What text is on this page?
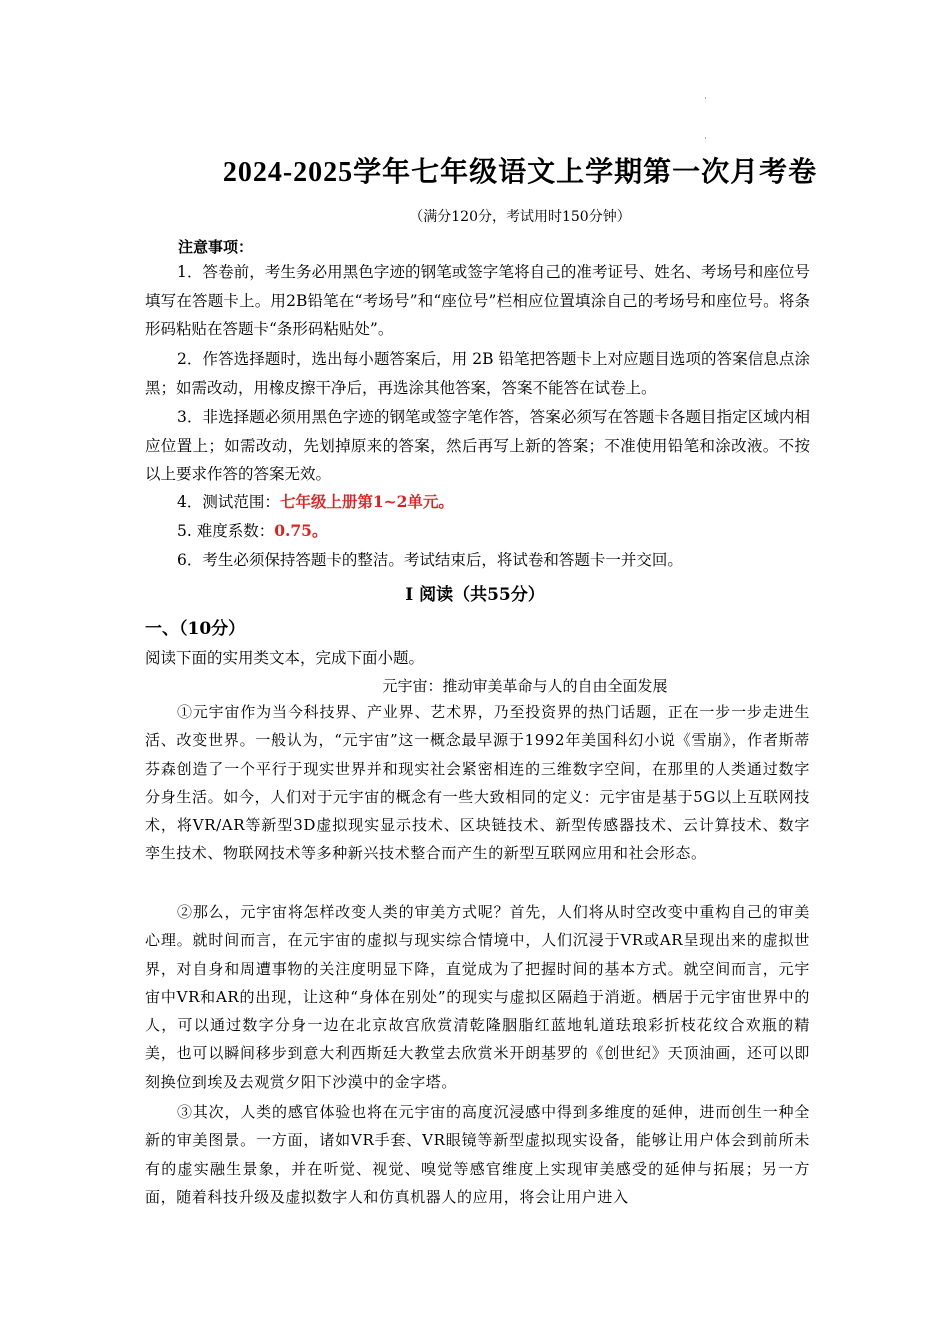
·
·
2024-2025学年七年级语文上学期第一次月考卷
（满分120分，考试用时150分钟）
注意事项：
1．答卷前，考生务必用黑色字迹的钢笔或签字笔将自己的准考证号、姓名、考场号和座位号填写在答题卡上。用2B铅笔在“考场号”和“座位号”栏相应位置填涂自己的考场号和座位号。将条形码粘贴在答题卡“条形码粘贴处”。
2．作答选择题时，选出每小题答案后，用 2B 铅笔把答题卡上对应题目选项的答案信息点涂黑；如需改动，用橡皮擦干净后，再选涂其他答案，答案不能答在试卷上。
3．非选择题必须用黑色字迹的钢笔或签字笔作答，答案必须写在答题卡各题目指定区域内相应位置上；如需改动，先划掉原来的答案，然后再写上新的答案；不准使用铅笔和涂改液。不按以上要求作答的答案无效。
4．测试范围：七年级上册第1~2单元。
5. 难度系数：0.75。
6．考生必须保持答题卡的整洁。考试结束后，将试卷和答题卡一并交回。
Ⅰ 阅读（共55分）
一、（10分）
阅读下面的实用类文本，完成下面小题。
元宇宙：推动审美革命与人的自由全面发展
①元宇宙作为当今科技界、产业界、艺术界，乃至投资界的热门话题，正在一步一步走进生活、改变世界。一般认为，“元宇宙”这一概念最早源于1992年美国科幻小说《雪崩》，作者斯蒂芬森创造了一个平行于现实世界并和现实社会紧密相连的三维数字空间，在那里的人类通过数字分身生活。如今，人们对于元宇宙的概念有一些大致相同的定义：元宇宙是基于5G以上互联网技术，将VR/AR等新型3D虚拟现实显示技术、区块链技术、新型传感器技术、云计算技术、数字孪生技术、物联网技术等多种新兴技术整合而产生的新型互联网应用和社会形态。
②那么，元宇宙将怎样改变人类的审美方式呢？首先，人们将从时空改变中重构自己的审美心理。就时间而言，在元宇宙的虚拟与现实综合情境中，人们沉浸于VR或AR呈现出来的虚拟世界，对自身和周遭事物的关注度明显下降，直觉成为了把握时间的基本方式。就空间而言，元宇宙中VR和AR的出现，让这种“身体在别处”的现实与虚拟区隔趋于消逝。栖居于元宇宙世界中的人，可以通过数字分身一边在北京故宫欣赏清乾隆胭脂红蓝地轧道珐琅彩折枝花纹合欢瓶的精美，也可以瞬间移步到意大利西斯廷大教堂去欣赏米开朗基罗的《创世纪》天顶油画，还可以即刻换位到埃及去观赏夕阳下沙漠中的金字塔。
③其次，人类的感官体验也将在元宇宙的高度沉浸感中得到多维度的延伸，进而创生一种全新的审美图景。一方面，诸如VR手套、VR眼镜等新型虚拟现实设备，能够让用户体会到前所未有的虚实融生景象，并在听觉、视觉、嗅觉等感官维度上实现审美感受的延伸与拓展；另一方面，随着科技升级及虚拟数字人和仿真机器人的应用，将会让用户进入
